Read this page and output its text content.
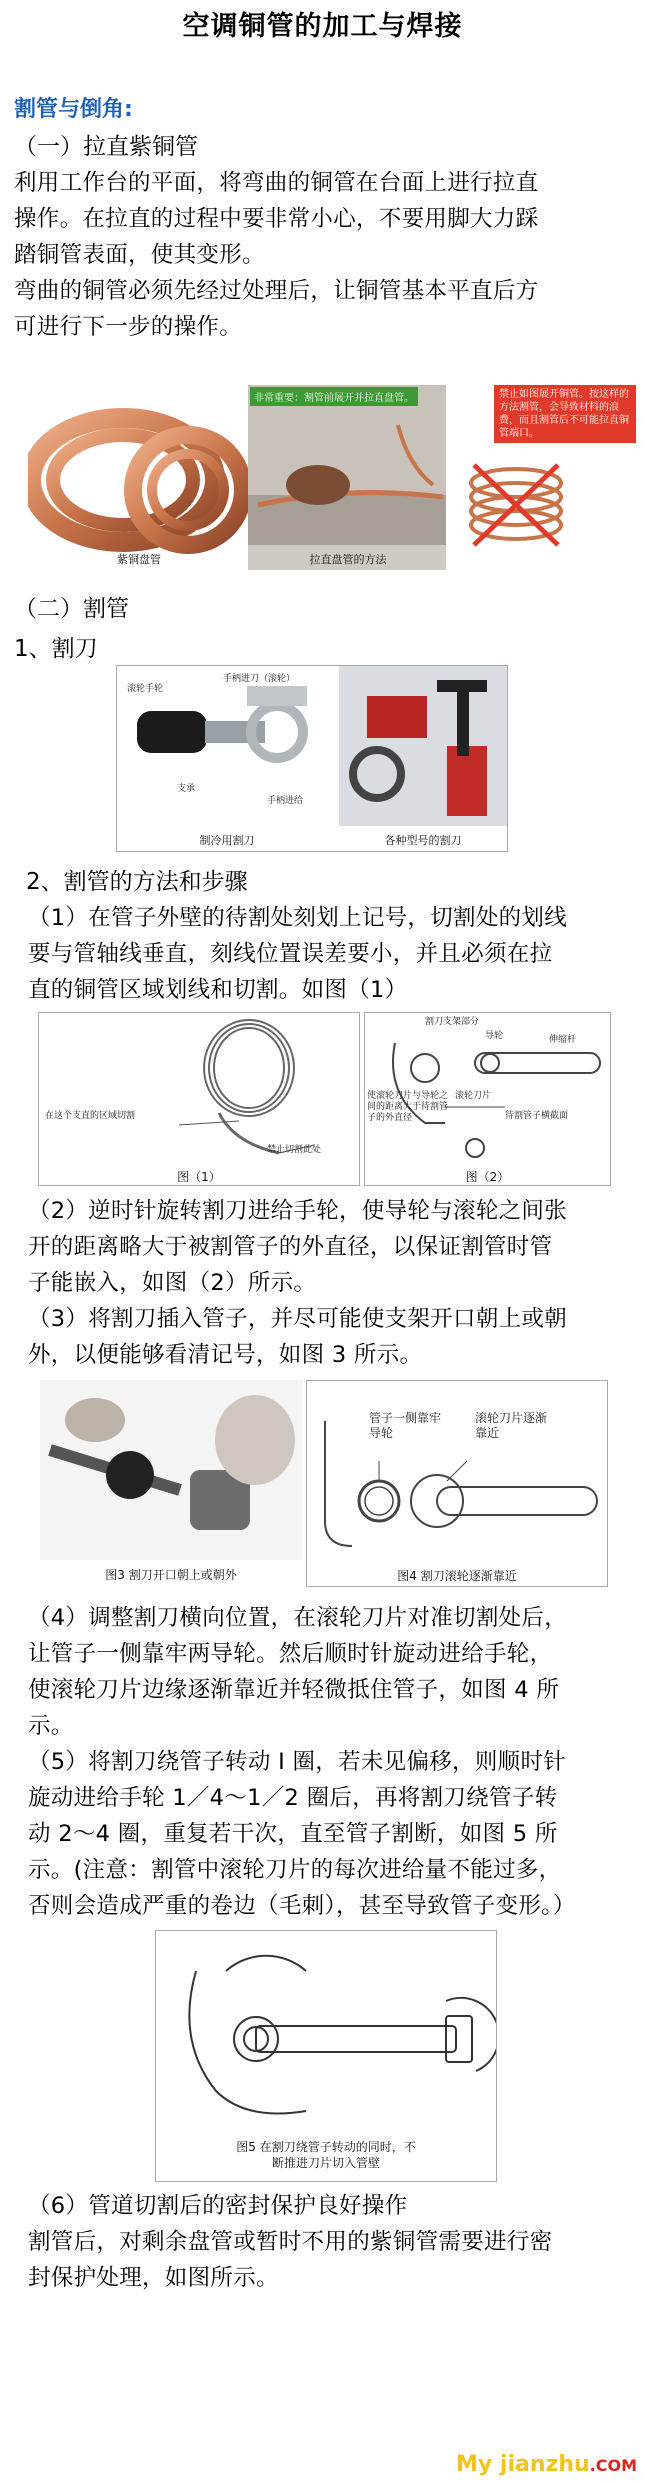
空调铜管的加工与焊接
割管与倒角:
（一）拉直紫铜管
利用工作台的平面，将弯曲的铜管在台面上进行拉直
操作。在拉直的过程中要非常小心，不要用脚大力踩
踏铜管表面，使其变形。
弯曲的铜管必须先经过处理后，让铜管基本平直后方
可进行下一步的操作。
紫铜盘管
非常重要：割管前展开并拉直盘管。
拉直盘管的方法
禁止如图展开铜管。按这样的方法割管，会导致材料的浪费，而且割管后不可能拉直铜管端口。
（二）割管
1、割刀
滚轮手轮
手柄进刀（滚轮）
支承
手柄进给
制冷用割刀	各种型号的割刀
2、割管的方法和步骤
（1）在管子外壁的待割处刻划上记号，切割处的划线
要与管轴线垂直，刻线位置误差要小，并且必须在拉
直的铜管区域划线和切割。如图（1）
在这个支直的区域切割
禁止切割此处
图（1）
割刀支架部分
导轮	伸缩杆
使滚轮刀片与导轮之间的距离大于待割管子的外直径	待割管子横截面
滚轮刀片
图（2）
（2）逆时针旋转割刀进给手轮，使导轮与滚轮之间张
开的距离略大于被割管子的外直径，以保证割管时管
子能嵌入，如图（2）所示。
（3）将割刀插入管子，并尽可能使支架开口朝上或朝
外，以便能够看清记号，如图 3 所示。
图3 割刀开口朝上或朝外
管子一侧靠牢导轮
滚轮刀片逐渐靠近
图4 割刀滚轮逐渐靠近
（4）调整割刀横向位置，在滚轮刀片对准切割处后，
让管子一侧靠牢两导轮。然后顺时针旋动进给手轮，
使滚轮刀片边缘逐渐靠近并轻微抵住管子，如图 4 所
示。
（5）将割刀绕管子转动 I 圈，若未见偏移，则顺时针
旋动进给手轮 1／4～1／2 圈后，再将割刀绕管子转
动 2～4 圈，重复若干次，直至管子割断，如图 5 所
示。(注意：割管中滚轮刀片的每次进给量不能过多，
否则会造成严重的卷边（毛刺），甚至导致管子变形。）
图5 在割刀绕管子转动的同时，不
断推进刀片切入管壁
（6）管道切割后的密封保护良好操作
割管后，对剩余盘管或暂时不用的紫铜管需要进行密
封保护处理，如图所示。
My jianzhu.COM
